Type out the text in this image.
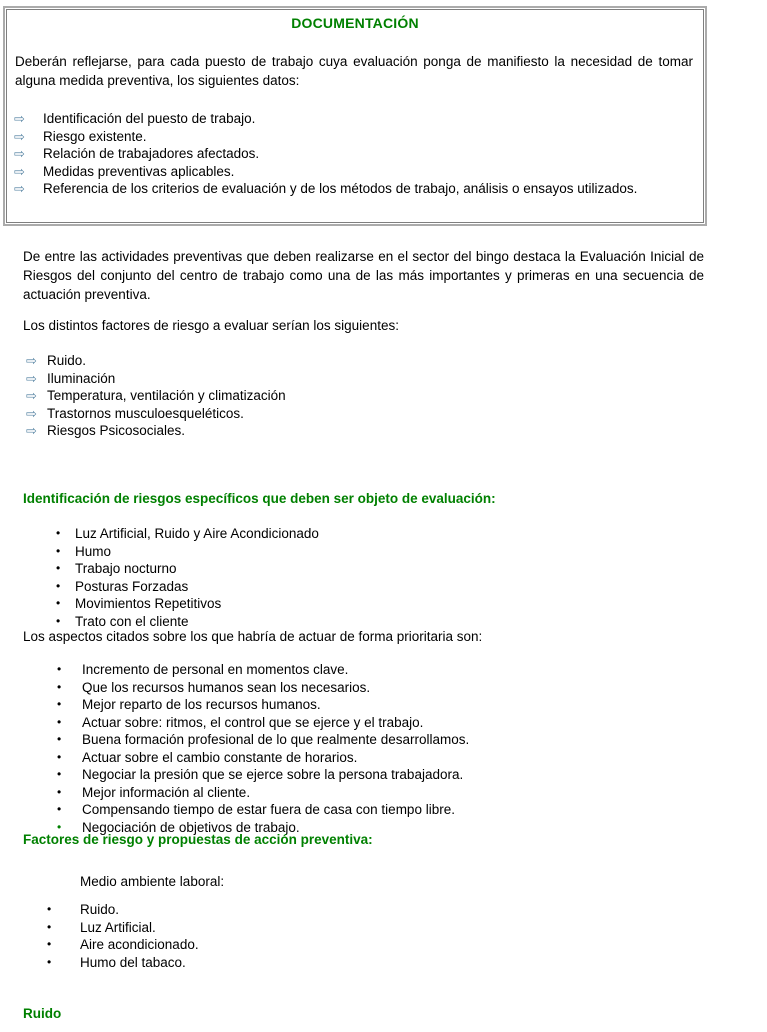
DOCUMENTACIÓN
Deberán reflejarse, para cada puesto de trabajo cuya evaluación ponga de manifiesto la necesidad de tomar alguna medida preventiva, los siguientes datos:
⇨	Identificación del puesto de trabajo.
⇨	Riesgo existente.
⇨	Relación de trabajadores afectados.
⇨	Medidas preventivas aplicables.
⇨	Referencia de los criterios de evaluación y de los métodos de trabajo, análisis o ensayos utilizados.
De entre las actividades preventivas que deben realizarse en el sector del bingo destaca la Evaluación Inicial de Riesgos del conjunto del centro de trabajo como una de las más importantes y primeras en una secuencia de actuación preventiva.
Los distintos factores de riesgo a evaluar serían los siguientes:
⇨ Ruido.
⇨ Iluminación
⇨ Temperatura, ventilación y climatización
⇨ Trastornos musculoesqueléticos.
⇨ Riesgos Psicosociales.
Identificación de riesgos específicos que deben ser objeto de evaluación:
•	Luz Artificial, Ruido y Aire Acondicionado
•	Humo
•	Trabajo nocturno
•	Posturas Forzadas
•	Movimientos Repetitivos
•	Trato con el cliente
Los aspectos citados sobre los que habría de actuar de forma prioritaria son:
•	Incremento de personal en momentos clave.
•	Que los recursos humanos sean los necesarios.
•	Mejor reparto de los recursos humanos.
•	Actuar sobre: ritmos, el control que se ejerce y el trabajo.
•	Buena formación profesional de lo que realmente desarrollamos.
•	Actuar sobre el cambio constante de horarios.
•	Negociar la presión que se ejerce sobre la persona trabajadora.
•	Mejor información al cliente.
•	Compensando tiempo de estar fuera de casa con tiempo libre.
•	Negociación de objetivos de trabajo.
Factores de riesgo y propuestas de acción preventiva:
Medio ambiente laboral:
•	Ruido.
•	Luz Artificial.
•	Aire acondicionado.
•	Humo del tabaco.
Ruido
